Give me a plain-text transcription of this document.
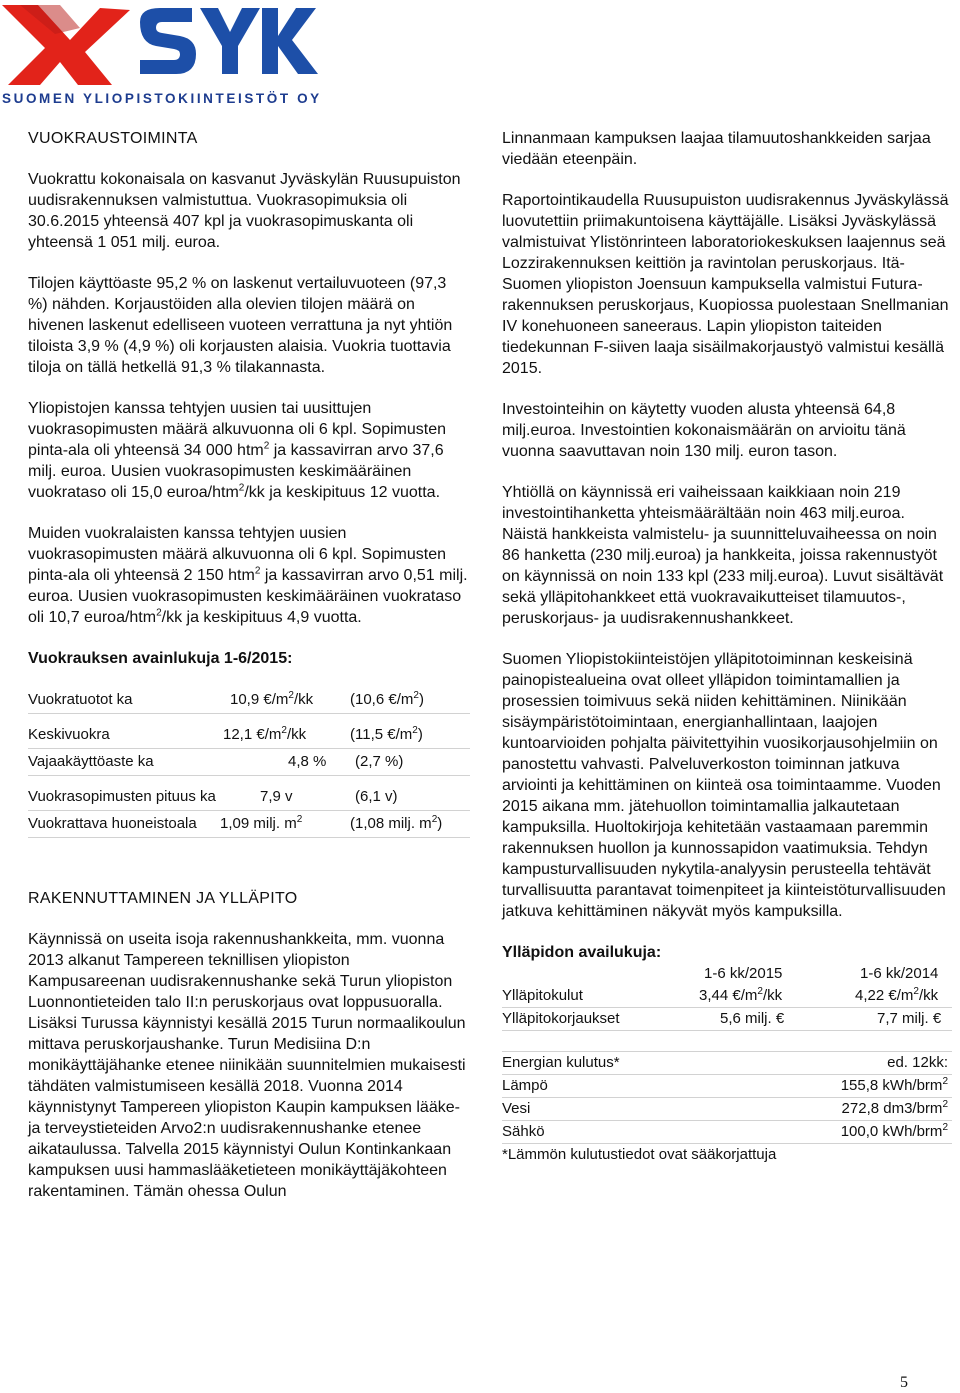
SUOMEN YLIOPISTOKIINTEISTÖT OY
VUOKRAUSTOIMINTA

Vuokrattu kokonaisala on kasvanut Jyväskylän Ruusupuiston uudisrakennuksen valmistuttua. Vuokrasopimuksia oli 30.6.2015 yhteensä 407 kpl ja vuokrasopimuskanta oli yhteensä 1 051 milj. euroa.

Tilojen käyttöaste 95,2 % on laskenut vertailuvuoteen (97,3 %) nähden. Korjaustöiden alla olevien tilojen määrä on hivenen laskenut edelliseen vuoteen verrattuna ja nyt yhtiön tiloista 3,9 % (4,9 %) oli korjausten alaisia. Vuokria tuottavia tiloja on tällä hetkellä 91,3 % tilakannasta.

Yliopistojen kanssa tehtyjen uusien tai uusittujen vuokrasopimusten määrä alkuvuonna oli 6 kpl. Sopimusten pinta-ala oli yhteensä 34 000 htm$^2$ ja kassavirran arvo 37,6 milj. euroa. Uusien vuokrasopimusten keskimääräinen vuokrataso oli 15,0 euroa/htm$^2$/kk ja keskipituus 12 vuotta.

Muiden vuokralaisten kanssa tehtyjen uusien vuokrasopimusten määrä alkuvuonna oli 6 kpl. Sopimusten pinta-ala oli yhteensä 2 150 htm$^2$ ja kassavirran arvo 0,51 milj. euroa. Uusien vuokrasopimusten keskimääräinen vuokrataso oli 10,7 euroa/htm$^2$/kk ja keskipituus 4,9 vuotta.

Vuokrauksen avainlukuja 1-6/2015:
Vuokratuotot ka	10,9 $€/m^2/kk$ (10,6 $€/m^2$)
Keskivuokra	12,1 $€/m^2/kk$	(11,5 $€/m^2$)
Vajaakäyttöaste ka	4,8 % (2,7 %)
Vuokrasopimusten pituus ka	7,9 v	(6,1 v)
Vuokrattava huoneistoala 1,09 milj. $m^2$	(1,08 milj. $m^2$)
RAKENNUTTAMINEN JA YLLÄPITO

Käynnissä on useita isoja rakennushankkeita, mm. vuonna 2013 alkanut Tampereen teknillisen yliopiston Kampusareenan uudisrakennushanke sekä Turun yliopiston Luonnontieteiden talo II:n peruskorjaus ovat loppusuoralla. Lisäksi Turussa käynnistyi kesällä 2015 Turun normaalikoulun mittava peruskorjaushanke. Turun Medisiina D:n monikäyttäjähanke etenee niinikään suunnitelmien mukaisesti tähdäten valmistumiseen kesällä 2018. Vuonna 2014 käynnistynyt Tampereen yliopiston Kaupin kampuksen lääke- ja terveystieteiden Arvo2:n uudisrakennushanke etenee aikataulussa. Talvella 2015 käynnistyi Oulun Kontinkankaan kampuksen uusi hammaslääketieteen monikäyttäjäkohteen rakentaminen. Tämän ohessa Oulun

Linnanmaan kampuksen laajaa tilamuutoshankkeiden sarjaa viedään eteenpäin.

Raportointikaudella Ruusupuiston uudisrakennus Jyväskylässä luovutettiin priimakuntoisena käyttäjälle. Lisäksi Jyväskylässä valmistuivat Ylistönrinteen laboratoriokeskuksen laajennus seä Lozzirakennuksen keittiön ja ravintolan peruskorjaus. Itä-Suomen yliopiston Joensuun kampuksella valmistui Futura-rakennuksen peruskorjaus, Kuopiossa puolestaan Snellmanian IV konehuoneen saneeraus. Lapin yliopiston taiteiden tiedekunnan F-siiven laaja sisäilmakorjaustyö valmistui kesällä 2015.

Investointeihin on käytetty vuoden alusta yhteensä 64,8 milj.euroa. Investointien kokonaismäärän on arvioitu tänä vuonna saavuttavan noin 130 milj. euron tason.

Yhtiöllä on käynnissä eri vaiheissaan kaikkiaan noin 219 investointihanketta yhteismäärältään noin 463 milj.euroa. Näistä hankkeista valmistelu- ja suunnitteluvaiheessa on noin 86 hanketta (230 milj.euroa) ja hankkeita, joissa rakennustyöt on käynnissä on noin 133 kpl (233 milj.euroa). Luvut sisältävät sekä ylläpitohankkeet että vuokravaikutteiset tilamuutos-, peruskorjaus- ja uudisrakennushankkeet.

Suomen Yliopistokiinteistöjen ylläpitotoiminnan keskeisinä painopistealueina ovat olleet ylläpidon toimintamallien ja prosessien toimivuus sekä niiden kehittäminen. Niinikään sisäympäristötoimintaan, energianhallintaan, laajojen kuntoarvioiden pohjalta päivitettyihin vuosikorjausohjelmiin on panostettu vahvasti. Palveluverkoston toiminnan jatkuva arviointi ja kehittäminen on kiinteä osa toimintaamme. Vuoden 2015 aikana mm. jätehuollon toimintamallia jalkautetaan kampuksilla. Huoltokirjoja kehitetään vastaamaan paremmin rakennuksen huollon ja kunnossapidon vaatimuksia. Tehdyn kampusturvallisuuden nykytila-analyysin perusteella tehtävät turvallisuutta parantavat toimenpiteet ja kiinteistöturvallisuuden jatkuva kehittäminen näkyvät myös kampuksilla.

Ylläpidon availukuja:
1-6 kk/2015	1-6 kk/2014
Ylläpitokulut	3,44 $€/m^2/kk$	4,22 $€/m^2/kk$
Ylläpitokorjaukset	5,6 milj. €	7,7 milj. €
Energian kulutus*	ed. 12kk:
Lämpö	155,8 kWh/brm$^2$
Vesi	272,8 dm3/brm$^2$
Sähkö	100,0 kWh/brm$^2$
*Lämmön kulutustiedot ovat sääkorjattuja
5
